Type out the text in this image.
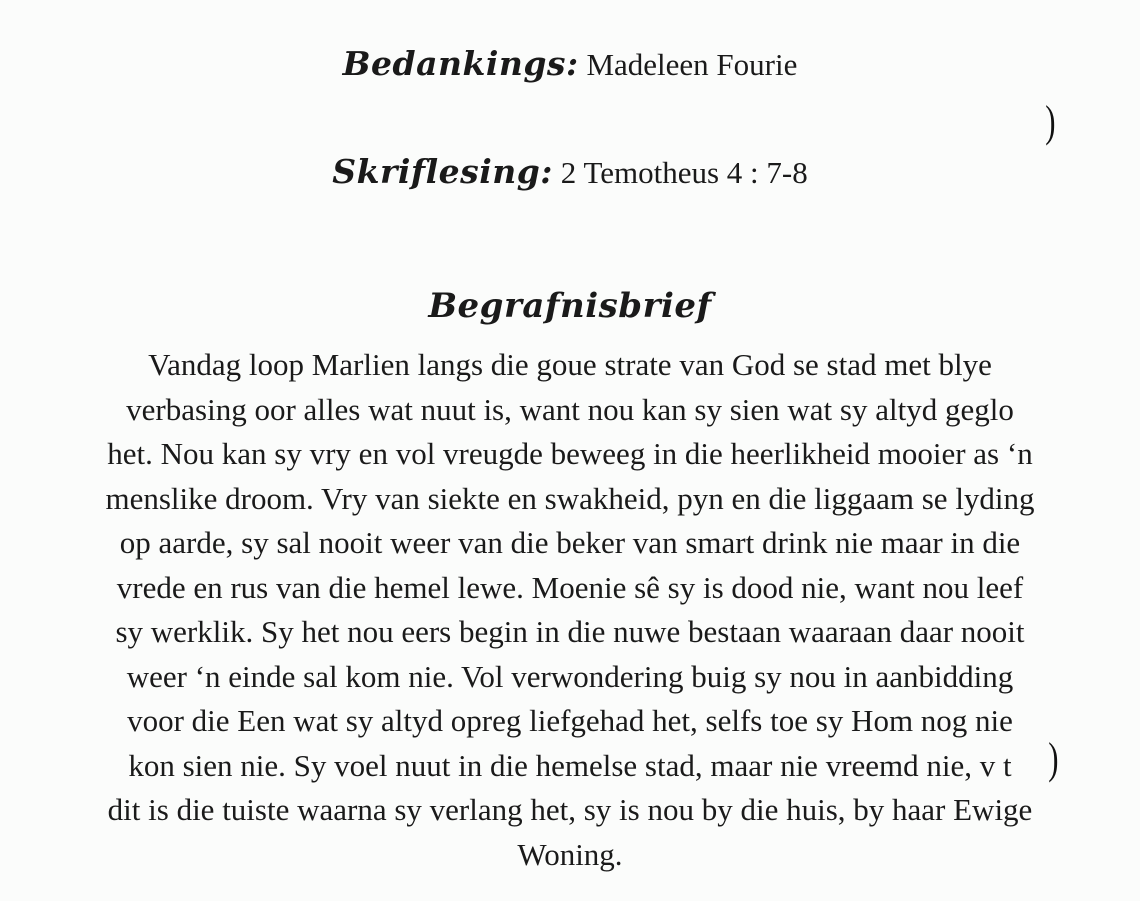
Bedankings: Madeleen Fourie
Skriflesing: 2 Temotheus 4 : 7-8
Begrafnisbrief
Vandag loop Marlien langs die goue strate van God se stad met blye
verbasing oor alles wat nuut is, want nou kan sy sien wat sy altyd geglo
het. Nou kan sy vry en vol vreugde beweeg in die heerlikheid mooier as ‘n
menslike droom. Vry van siekte en swakheid, pyn en die liggaam se lyding
op aarde, sy sal nooit weer van die beker van smart drink nie maar in die
vrede en rus van die hemel lewe. Moenie sê sy is dood nie, want nou leef
sy werklik. Sy het nou eers begin in die nuwe bestaan waaraan daar nooit
weer ‘n einde sal kom nie. Vol verwondering buig sy nou in aanbidding
voor die Een wat sy altyd opreg liefgehad het, selfs toe sy Hom nog nie
kon sien nie. Sy voel nuut in die hemelse stad, maar nie vreemd nie, v t
dit is die tuiste waarna sy verlang het, sy is nou by die huis, by haar Ewige
Woning.
)
)
